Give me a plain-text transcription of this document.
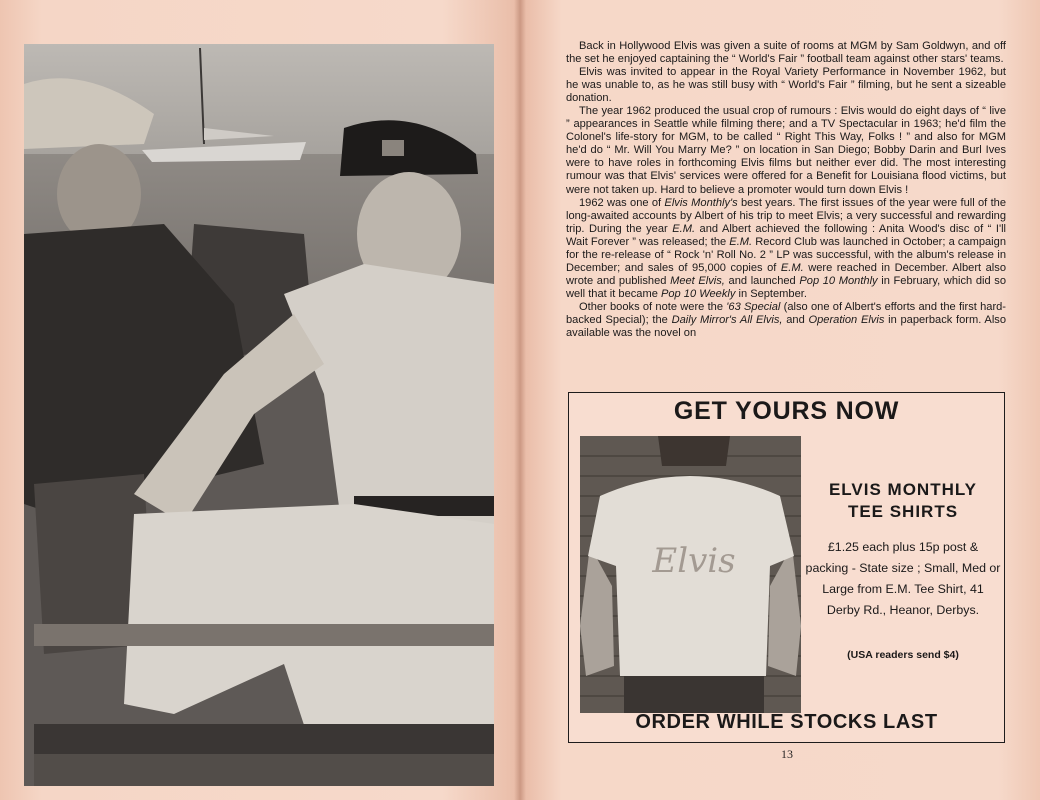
Back in Hollywood Elvis was given a suite of rooms at MGM by Sam Goldwyn, and off the set he enjoyed captaining the “ World's Fair ” football team against other stars' teams.

Elvis was invited to appear in the Royal Variety Performance in November 1962, but he was unable to, as he was still busy with “ World's Fair ” filming, but he sent a sizeable donation.

The year 1962 produced the usual crop of rumours : Elvis would do eight days of “ live ” appearances in Seattle while filming there; and a TV Spectacular in 1963; he'd film the Colonel's life-story for MGM, to be called “ Right This Way, Folks ! ” and also for MGM he'd do “ Mr. Will You Marry Me? ” on location in San Diego; Bobby Darin and Burl Ives were to have roles in forthcoming Elvis films but neither ever did. The most interesting rumour was that Elvis' services were offered for a Benefit for Louisiana flood victims, but were not taken up. Hard to believe a promoter would turn down Elvis !

1962 was one of Elvis Monthly's best years. The first issues of the year were full of the long-awaited accounts by Albert of his trip to meet Elvis; a very successful and rewarding trip. During the year E.M. and Albert achieved the following : Anita Wood's disc of “ I'll Wait Forever ” was released; the E.M. Record Club was launched in October; a campaign for the re-release of “ Rock 'n' Roll No. 2 ” LP was successful, with the album's release in December; and sales of 95,000 copies of E.M. were reached in December. Albert also wrote and published Meet Elvis, and launched Pop 10 Monthly in February, which did so well that it became Pop 10 Weekly in September.

Other books of note were the '63 Special (also one of Albert's efforts and the first hard-backed Special); the Daily Mirror's All Elvis, and Operation Elvis in paperback form. Also available was the novel on

GET YOURS NOW
Elvis
ELVIS MONTHLY
TEE SHIRTS
£1.25 each plus 15p post & packing - State size ; Small, Med or Large from E.M. Tee Shirt, 41 Derby Rd., Heanor, Derbys.
(USA readers send $4)
ORDER WHILE STOCKS LAST
13
